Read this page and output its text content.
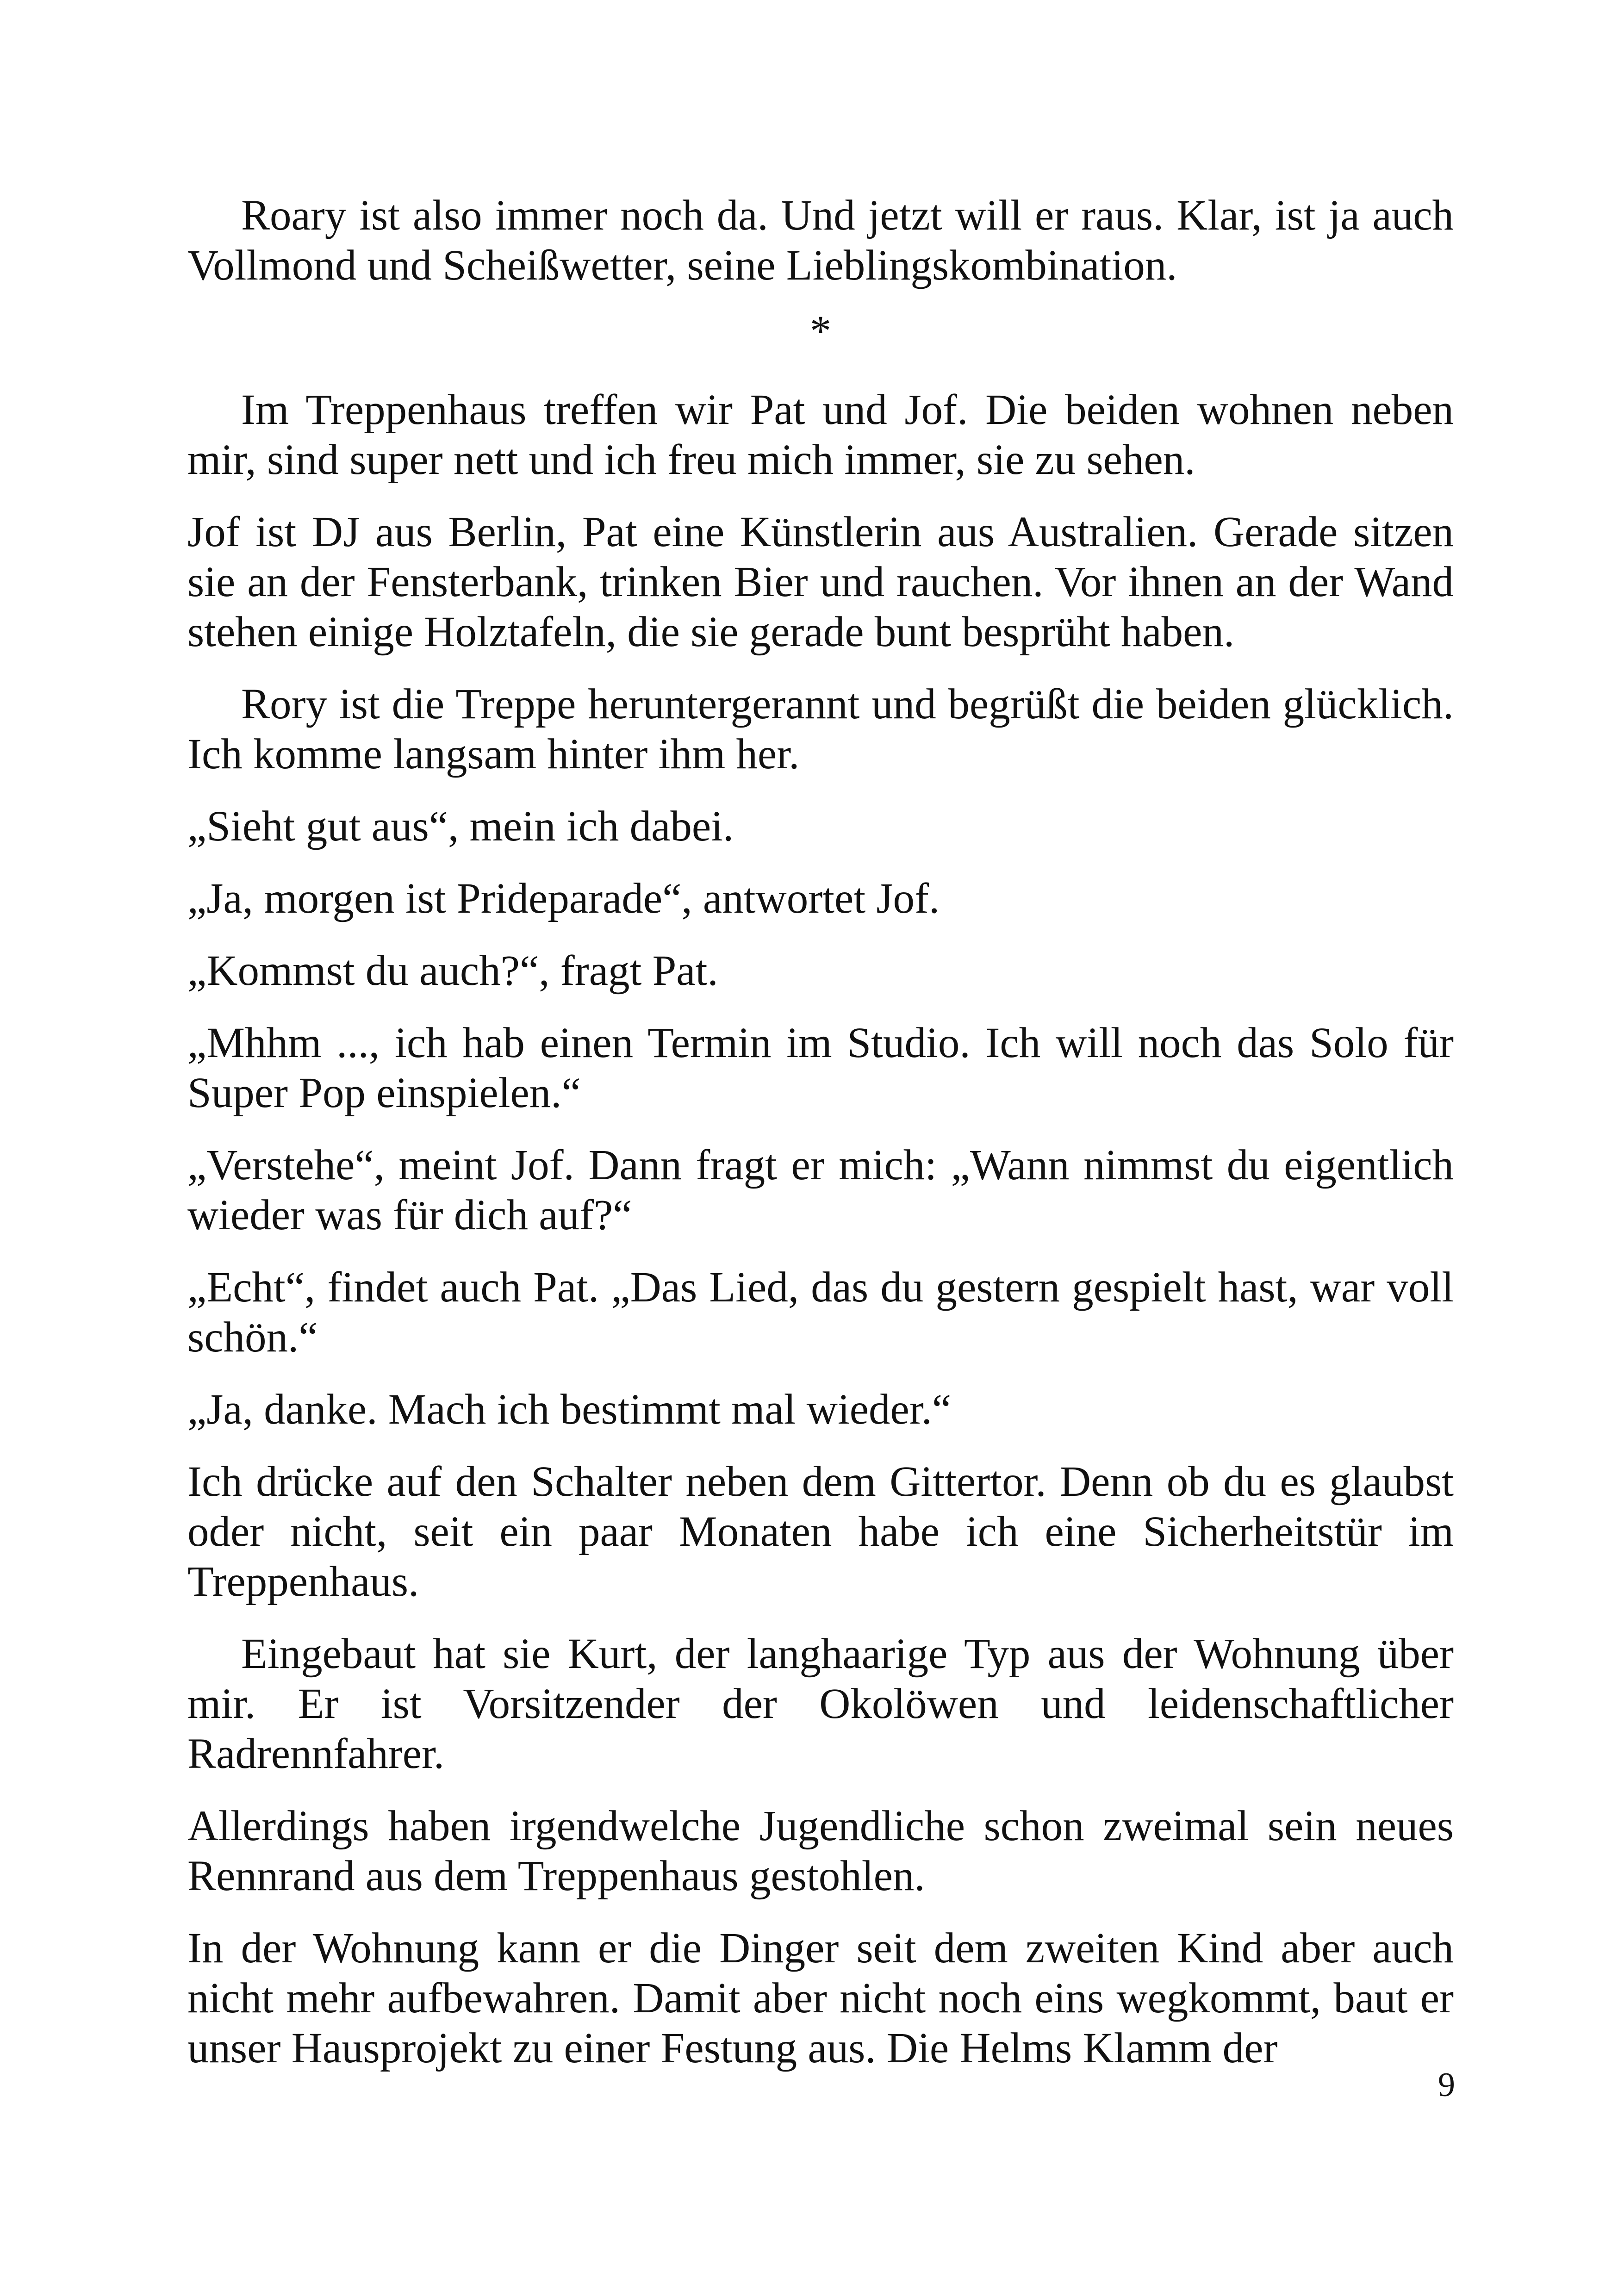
Roary ist also immer noch da. Und jetzt will er raus. Klar, ist ja auch Vollmond und Scheißwetter, seine Lieblingskombination.

*

Im Treppenhaus treffen wir Pat und Jof. Die beiden wohnen neben mir, sind super nett und ich freu mich immer, sie zu sehen.

Jof ist DJ aus Berlin, Pat eine Künstlerin aus Australien. Gerade sitzen sie an der Fensterbank, trinken Bier und rauchen. Vor ihnen an der Wand stehen einige Holztafeln, die sie gerade bunt besprüht haben.

Rory ist die Treppe heruntergerannt und begrüßt die beiden glücklich. Ich komme langsam hinter ihm her.

„Sieht gut aus“, mein ich dabei.

„Ja, morgen ist Prideparade“, antwortet Jof.

„Kommst du auch?“, fragt Pat.

„Mhhm ..., ich hab einen Termin im Studio. Ich will noch das Solo für Super Pop einspielen.“

„Verstehe“, meint Jof. Dann fragt er mich: „Wann nimmst du eigentlich wieder was für dich auf?“

„Echt“, findet auch Pat. „Das Lied, das du gestern gespielt hast, war voll schön.“

„Ja, danke. Mach ich bestimmt mal wieder.“

Ich drücke auf den Schalter neben dem Gittertor. Denn ob du es glaubst oder nicht, seit ein paar Monaten habe ich eine Sicherheitstür im Treppenhaus.

Eingebaut hat sie Kurt, der langhaarige Typ aus der Wohnung über mir. Er ist Vorsitzender der Okolöwen und leidenschaftlicher Radrennfahrer.

Allerdings haben irgendwelche Jugendliche schon zweimal sein neues Rennrand aus dem Treppenhaus gestohlen.

In der Wohnung kann er die Dinger seit dem zweiten Kind aber auch nicht mehr aufbewahren. Damit aber nicht noch eins wegkommt, baut er unser Hausprojekt zu einer Festung aus. Die Helms Klamm der

9
